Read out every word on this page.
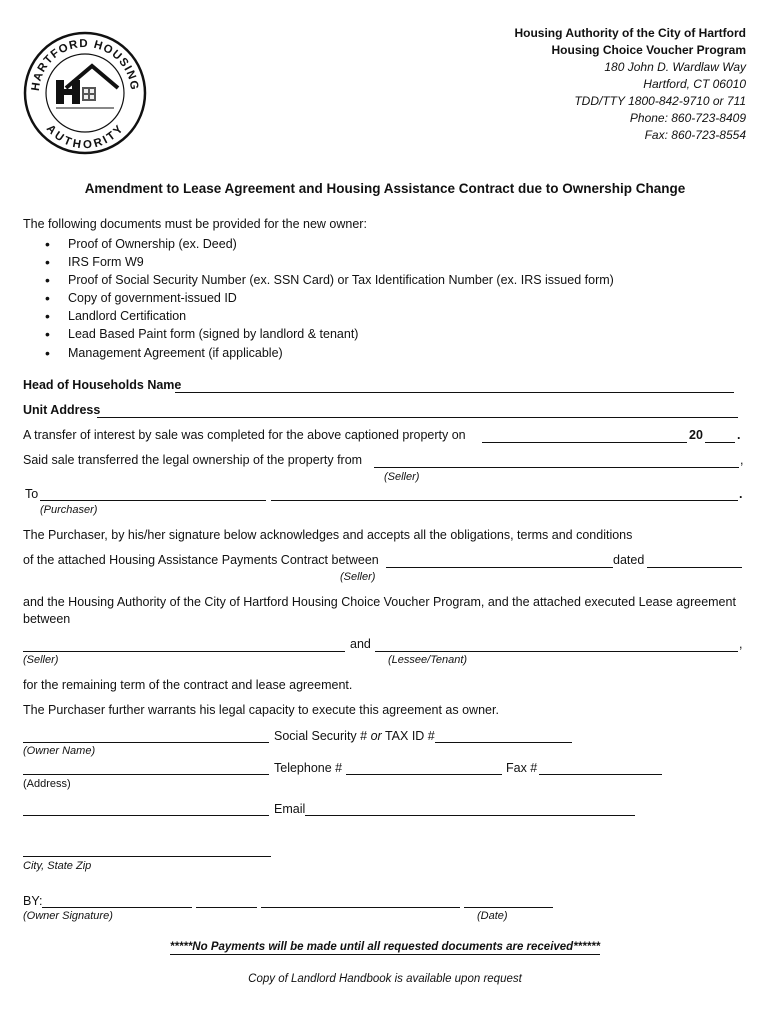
HARTFORD HOUSING
AUTHORITY
Housing Authority of the City of Hartford
Housing Choice Voucher Program
180 John D. Wardlaw Way
Hartford, CT 06010
TDD/TTY 1800-842-9710 or 711
Phone: 860-723-8409
Fax: 860-723-8554
Amendment to Lease Agreement and Housing Assistance Contract due to Ownership Change
The following documents must be provided for the new owner:
• Proof of Ownership (ex. Deed)
• IRS Form W9
• Proof of Social Security Number (ex. SSN Card) or Tax Identification Number (ex. IRS issued form)
• Copy of government-issued ID
• Landlord Certification
• Lead Based Paint form (signed by landlord & tenant)
• Management Agreement (if applicable)
Head of Households Name
Unit Address
A transfer of interest by sale was completed for the above captioned property on	20	.
Said sale transferred the legal ownership of the property from	,
(Seller)
To	.
(Purchaser)
The Purchaser, by his/her signature below acknowledges and accepts all the obligations, terms and conditions
of the attached Housing Assistance Payments Contract between	dated
(Seller)
and the Housing Authority of the City of Hartford Housing Choice Voucher Program, and the attached executed Lease agreement
between
and	,
(Seller)	(Lessee/Tenant)
for the remaining term of the contract and lease agreement.
The Purchaser further warrants his legal capacity to execute this agreement as owner.
Social Security # or TAX ID #
(Owner Name)
Telephone #	Fax #
(Address)
Email
City, State Zip
BY:
(Owner Signature)	(Date)
*****No Payments will be made until all requested documents are received******
Copy of Landlord Handbook is available upon request
